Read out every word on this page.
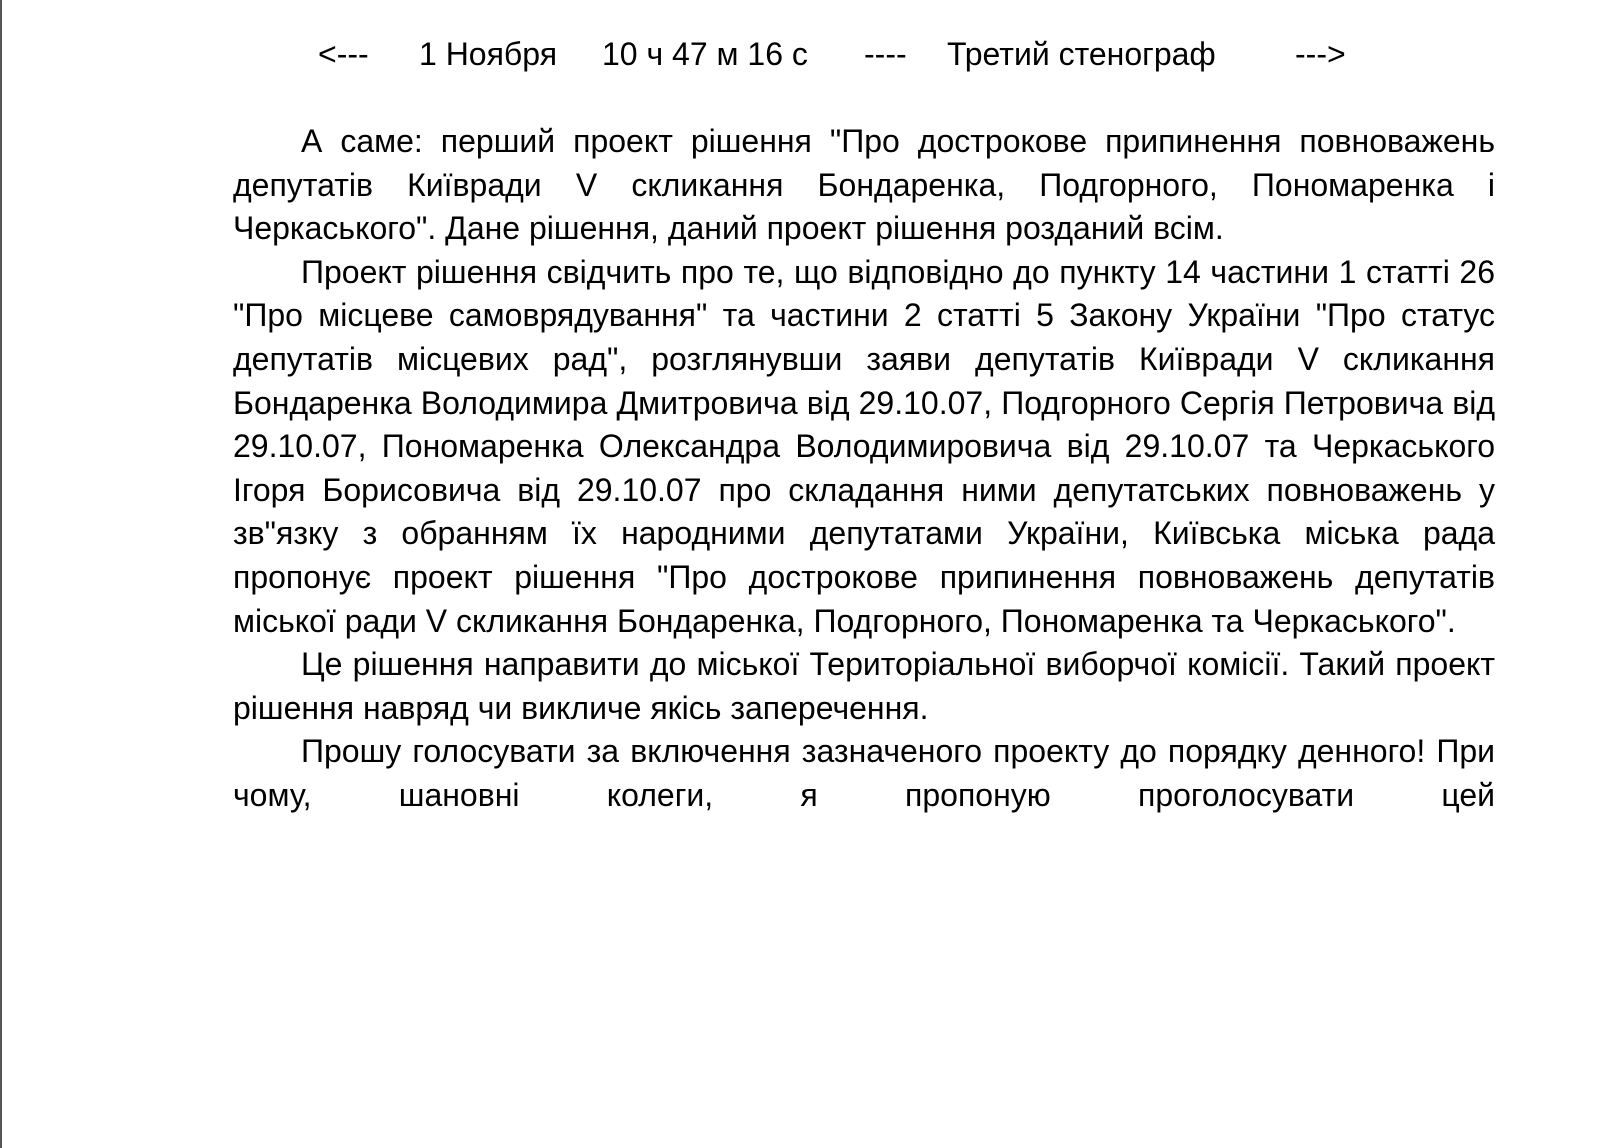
<---

1 Ноября

10 ч 47 м 16 с

----

Третий стенограф

--->

А саме: перший проект рішення "Про дострокове припинення повноважень депутатів Київради V скликання Бондаренка, Подгорного, Пономаренка і Черкаського". Дане рішення, даний проект рішення розданий всім.

Проект рішення свідчить про те, що відповідно до пункту 14 частини 1 статті 26 "Про місцеве самоврядування" та частини 2 статті 5 Закону України "Про статус депутатів місцевих рад", розглянувши заяви депутатів Київради V скликання Бондаренка Володимира Дмитровича від 29.10.07, Подгорного Сергія Петровича від 29.10.07, Пономаренка Олександра Володимировича від 29.10.07 та Черкаського Ігоря Борисовича від 29.10.07 про складання ними депутатських повноважень у зв"язку з обранням їх народними депутатами України, Київська міська рада пропонує проект рішення "Про дострокове припинення повноважень депутатів міської ради V скликання Бондаренка, Подгорного, Пономаренка та Черкаського".

Це рішення направити до міської Територіальної виборчої комісії. Такий проект рішення навряд чи викличе якісь заперечення.

Прошу голосувати за включення зазначеного проекту до порядку денного! При чому, шановні колеги, я пропоную проголосувати цей
